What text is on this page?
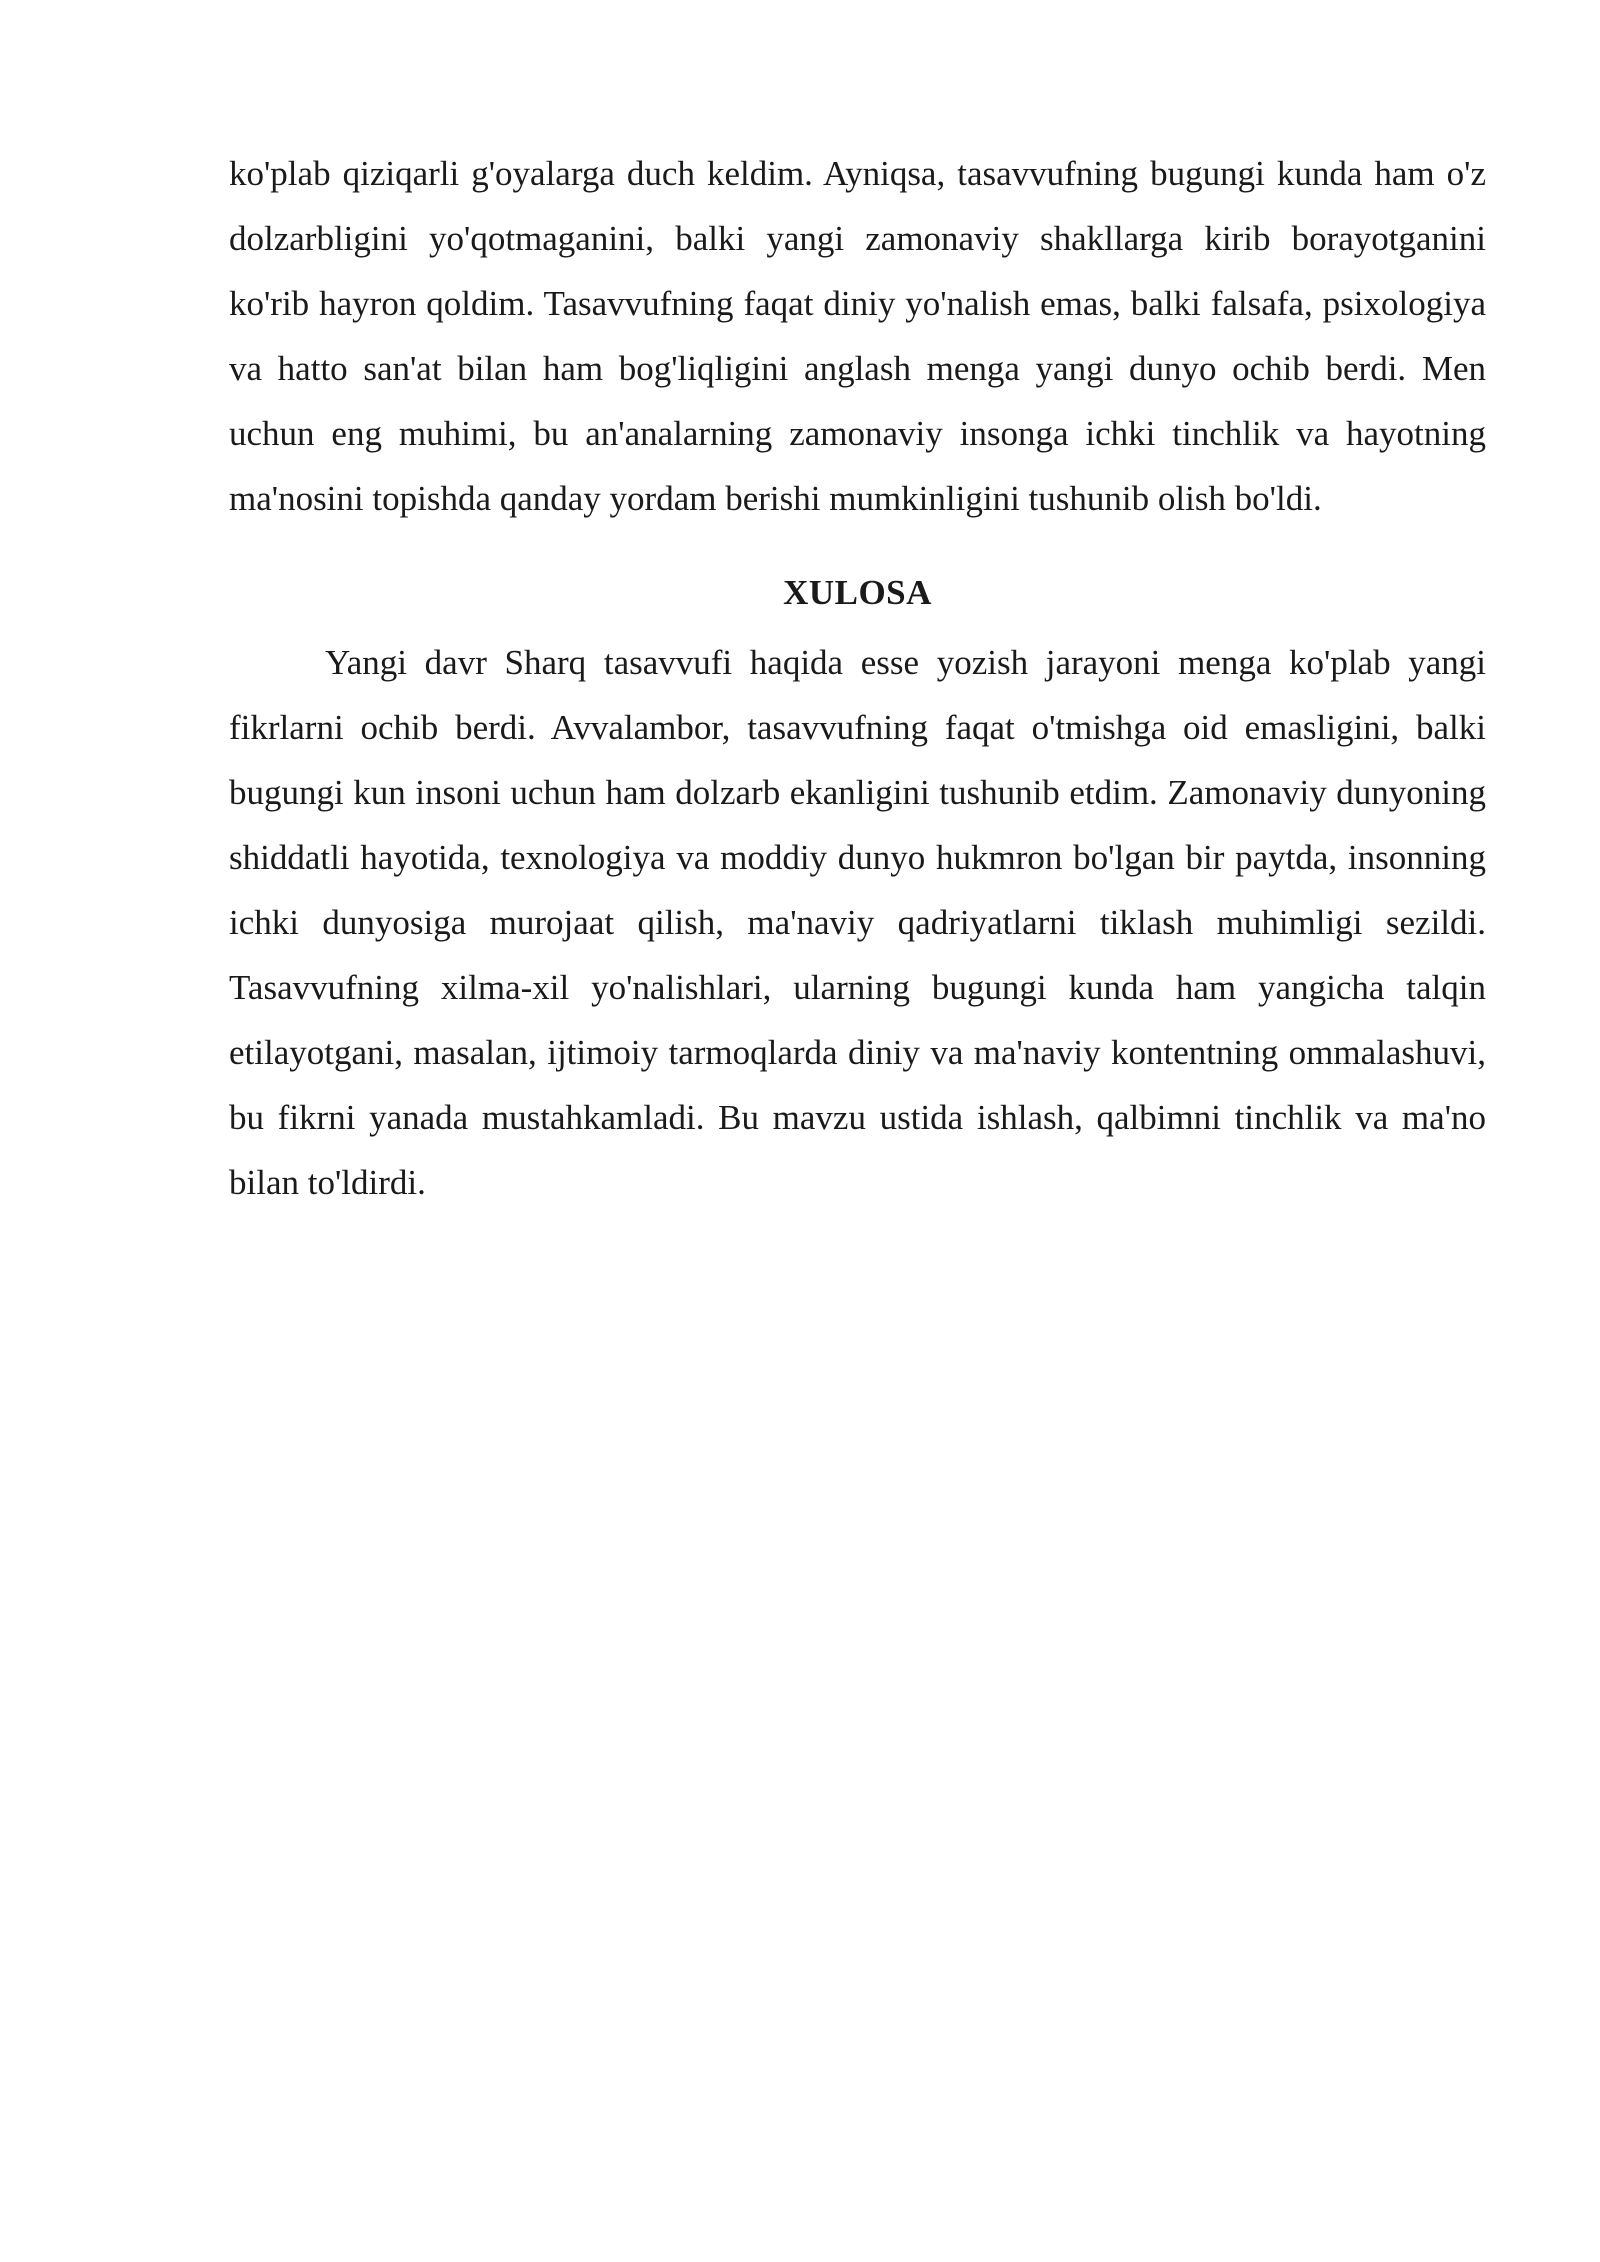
ko'plab qiziqarli g'oyalarga duch keldim. Ayniqsa, tasavvufning bugungi kunda ham o'z dolzarbligini yo'qotmaganini, balki yangi zamonaviy shakllarga kirib borayotganini ko'rib hayron qoldim. Tasavvufning faqat diniy yo'nalish emas, balki falsafa, psixologiya va hatto san'at bilan ham bog'liqligini anglash menga yangi dunyo ochib berdi. Men uchun eng muhimi, bu an'analarning zamonaviy insonga ichki tinchlik va hayotning ma'nosini topishda qanday yordam berishi mumkinligini tushunib olish bo'ldi.

XULOSA

Yangi davr Sharq tasavvufi haqida esse yozish jarayoni menga ko'plab yangi fikrlarni ochib berdi. Avvalambor, tasavvufning faqat o'tmishga oid emasligini, balki bugungi kun insoni uchun ham dolzarb ekanligini tushunib etdim. Zamonaviy dunyoning shiddatli hayotida, texnologiya va moddiy dunyo hukmron bo'lgan bir paytda, insonning ichki dunyosiga murojaat qilish, ma'naviy qadriyatlarni tiklash muhimligi sezildi. Tasavvufning xilma-xil yo'nalishlari, ularning bugungi kunda ham yangicha talqin etilayotgani, masalan, ijtimoiy tarmoqlarda diniy va ma'naviy kontentning ommalashuvi, bu fikrni yanada mustahkamladi. Bu mavzu ustida ishlash, qalbimni tinchlik va ma'no bilan to'ldirdi.
